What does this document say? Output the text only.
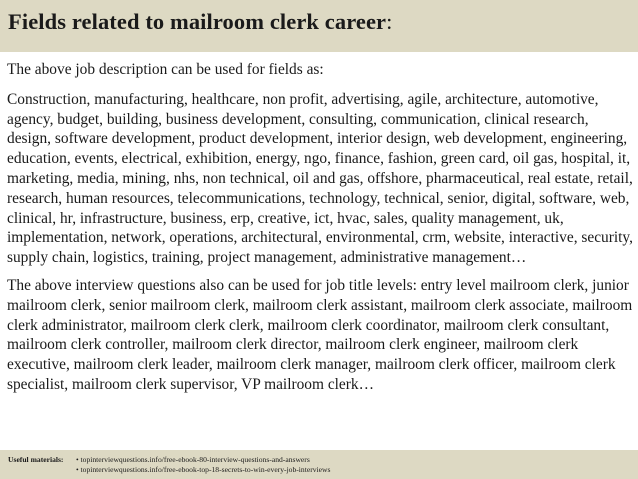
Fields related to mailroom clerk career:

The above job description can be used for fields as:

Construction, manufacturing, healthcare, non profit, advertising, agile, architecture, automotive, agency, budget, building, business development, consulting, communication, clinical research, design, software development, product development, interior design, web development, engineering, education, events, electrical, exhibition, energy, ngo, finance, fashion, green card, oil gas, hospital, it, marketing, media, mining, nhs, non technical, oil and gas, offshore, pharmaceutical, real estate, retail, research, human resources, telecommunications, technology, technical, senior, digital, software, web, clinical, hr, infrastructure, business, erp, creative, ict, hvac, sales, quality management, uk, implementation, network, operations, architectural, environmental, crm, website, interactive, security, supply chain, logistics, training, project management, administrative management…

The above interview questions also can be used for job title levels: entry level mailroom clerk, junior mailroom clerk, senior mailroom clerk, mailroom clerk assistant, mailroom clerk associate, mailroom clerk administrator, mailroom clerk clerk, mailroom clerk coordinator, mailroom clerk consultant, mailroom clerk controller, mailroom clerk director, mailroom clerk engineer, mailroom clerk executive, mailroom clerk leader, mailroom clerk manager, mailroom clerk officer, mailroom clerk specialist, mailroom clerk supervisor, VP mailroom clerk…

Useful materials:	• topinterviewquestions.info/free-ebook-80-interview-questions-and-answers
• topinterviewquestions.info/free-ebook-top-18-secrets-to-win-every-job-interviews
